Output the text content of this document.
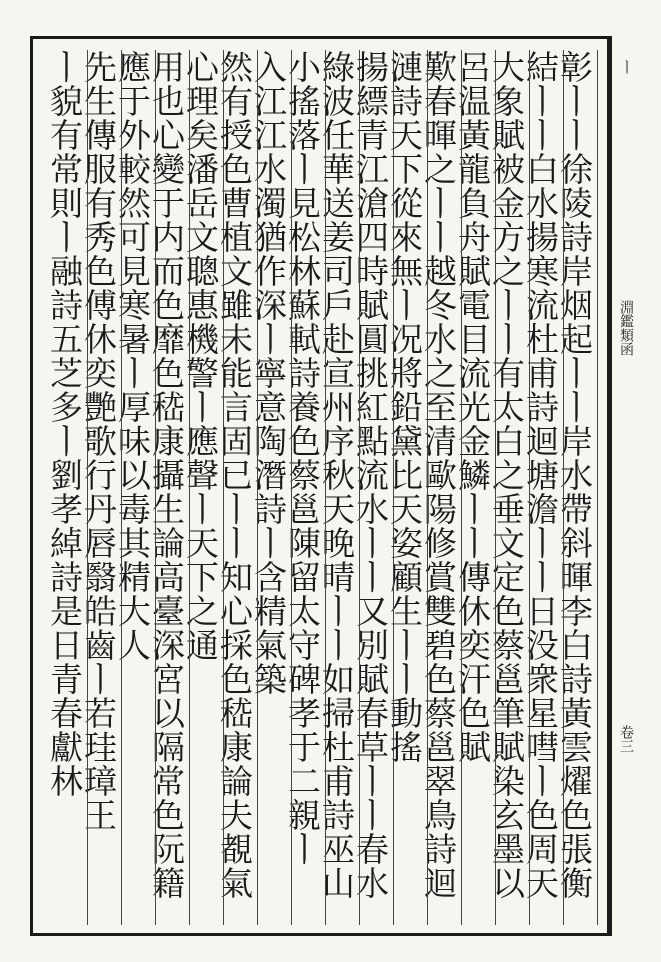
彰ㅣㅣ徐陵詩岸烟起ㅣㅣ岸水帶斜暉李白詩黃雲燿色張衡
結ㅣㅣ白水揚寒流杜甫詩迴塘澹ㅣㅣ日没衆星嘒ㅣ色周天
大象賦被金方之ㅣㅣ有太白之垂文定色蔡邕筆賦染玄墨以
呂温黃龍負舟賦電目流光金鱗ㅣㅣ傳休奕汗色賦
歎春暉之ㅣㅣ越冬水之至清歐陽修賞雙碧色蔡邕翠鳥詩迴
漣詩天下從來無ㅣ况將鉛黛比天姿顧生ㅣㅣ動搖
揚縹青江滄四時賦圓挑紅點流水ㅣㅣ又別賦春草ㅣㅣ春水
綠波任華送姜司戶赴宣州序秋天晚晴ㅣㅣ如掃杜甫詩巫山
小搖落ㅣ見松林蘇軾詩養色蔡邕陳留太守碑孝于二親ㅣ
入江江水濁猶作深ㅣ寧意陶潛詩ㅣ含精氣築
然有授色曹植文雖未能言固已ㅣㅣ知心採色嵇康論夫覩氣
心理矣潘岳文聰惠機警ㅣ應聲ㅣ天下之通
用也心變于内而色靡色嵇康攝生論高臺深宮以隔常色阮籍
應于外較然可見寒暑ㅣ厚味以毒其精大人
先生傳服有秀色傅休奕艷歌行丹唇翳皓齒ㅣ若珪璋王
ㅣ貌有常則ㅣ融詩五芝多ㅣ劉孝綽詩是日青春獻林	ㅣ
淵鑑類函
卷三
